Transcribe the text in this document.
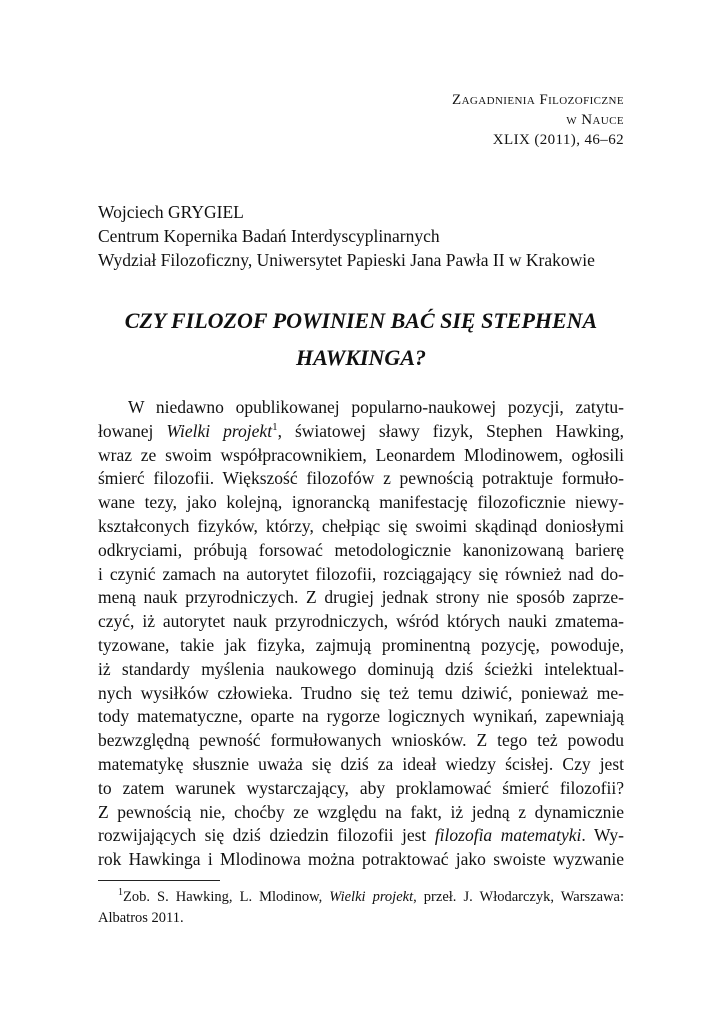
Zagadnienia Filozoficzne
w Nauce
XLIX (2011), 46–62
Wojciech GRYGIEL
Centrum Kopernika Badań Interdyscyplinarnych
Wydział Filozoficzny, Uniwersytet Papieski Jana Pawła II w Krakowie
CZY FILOZOF POWINIEN BAĆ SIĘ STEPHENA
HAWKINGA?
W niedawno opublikowanej popularno-naukowej pozycji, zatytu-
łowanej Wielki projekt$^1$, światowej sławy fizyk, Stephen Hawking,
wraz ze swoim współpracownikiem, Leonardem Mlodinowem, ogłosili
śmierć filozofii. Większość filozofów z pewnością potraktuje formuło-
wane tezy, jako kolejną, ignorancką manifestację filozoficznie niewy-
kształconych fizyków, którzy, chełpiąc się swoimi skądinąd doniosłymi
odkryciami, próbują forsować metodologicznie kanonizowaną barierę
i czynić zamach na autorytet filozofii, rozciągający się również nad do-
meną nauk przyrodniczych. Z drugiej jednak strony nie sposób zaprze-
czyć, iż autorytet nauk przyrodniczych, wśród których nauki zmatema-
tyzowane, takie jak fizyka, zajmują prominentną pozycję, powoduje,
iż standardy myślenia naukowego dominują dziś ścieżki intelektual-
nych wysiłków człowieka. Trudno się też temu dziwić, ponieważ me-
tody matematyczne, oparte na rygorze logicznych wynikań, zapewniają
bezwzględną pewność formułowanych wniosków. Z tego też powodu
matematykę słusznie uważa się dziś za ideał wiedzy ścisłej. Czy jest
to zatem warunek wystarczający, aby proklamować śmierć filozofii?
Z pewnością nie, choćby ze względu na fakt, iż jedną z dynamicznie
rozwijających się dziś dziedzin filozofii jest filozofia matematyki. Wy-
rok Hawkinga i Mlodinowa można potraktować jako swoiste wyzwanie
$^1$Zob. S. Hawking, L. Mlodinow, Wielki projekt, przeł. J. Włodarczyk, Warszawa:
Albatros 2011.
